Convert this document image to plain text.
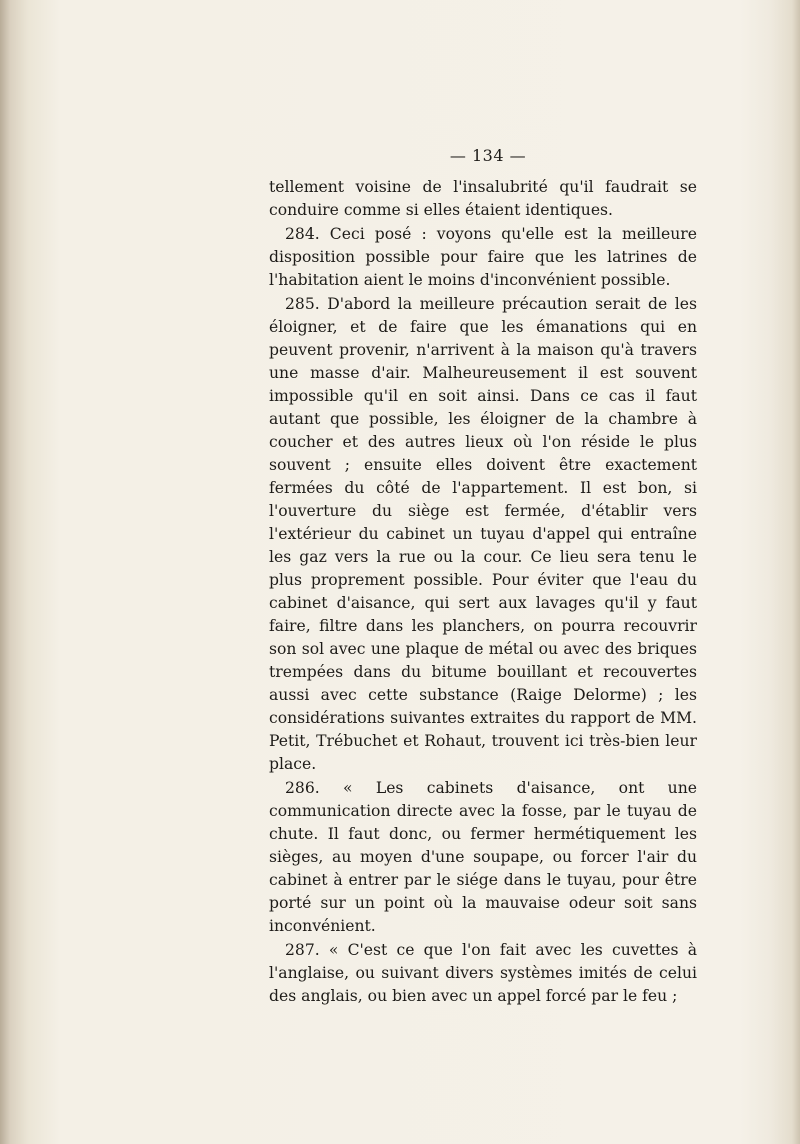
— 134 —

tellement voisine de l'insalubrité qu'il faudrait se conduire comme si elles étaient identiques.

284. Ceci posé : voyons qu'elle est la meilleure disposition possible pour faire que les latrines de l'habitation aient le moins d'inconvénient possible.

285. D'abord la meilleure précaution serait de les éloigner, et de faire que les émanations qui en peuvent provenir, n'arrivent à la maison qu'à travers une masse d'air. Malheureusement il est souvent impossible qu'il en soit ainsi. Dans ce cas il faut autant que possible, les éloigner de la chambre à coucher et des autres lieux où l'on réside le plus souvent ; ensuite elles doivent être exactement fermées du côté de l'appartement. Il est bon, si l'ouverture du siège est fermée, d'établir vers l'extérieur du cabinet un tuyau d'appel qui entraîne les gaz vers la rue ou la cour. Ce lieu sera tenu le plus proprement possible. Pour éviter que l'eau du cabinet d'aisance, qui sert aux lavages qu'il y faut faire, filtre dans les planchers, on pourra recouvrir son sol avec une plaque de métal ou avec des briques trempées dans du bitume bouillant et recouvertes aussi avec cette substance (Raige Delorme) ; les considérations suivantes extraites du rapport de MM. Petit, Trébuchet et Rohaut, trouvent ici très-bien leur place.

286. « Les cabinets d'aisance, ont une communication directe avec la fosse, par le tuyau de chute. Il faut donc, ou fermer hermétiquement les sièges, au moyen d'une soupape, ou forcer l'air du cabinet à entrer par le siége dans le tuyau, pour être porté sur un point où la mauvaise odeur soit sans inconvénient.

287. « C'est ce que l'on fait avec les cuvettes à l'anglaise, ou suivant divers systèmes imités de celui des anglais, ou bien avec un appel forcé par le feu ;
